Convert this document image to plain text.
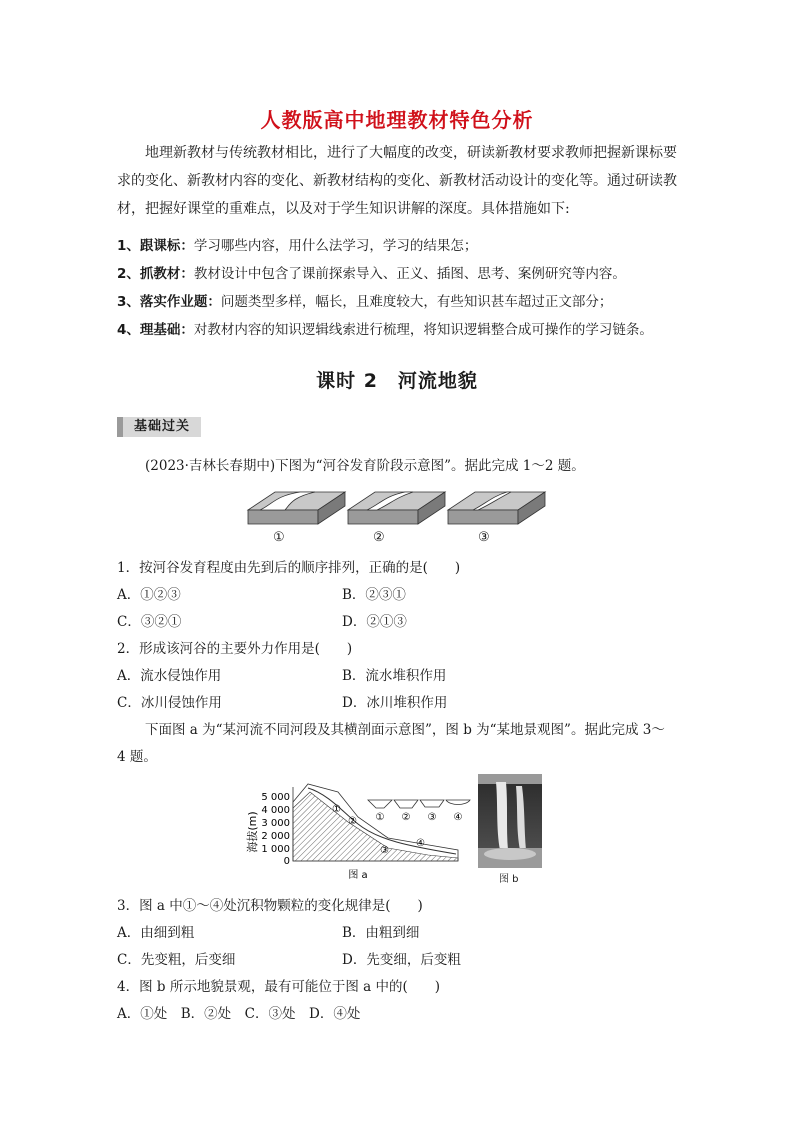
人教版高中地理教材特色分析
地理新教材与传统教材相比，进行了大幅度的改变，研读新教材要求教师把握新课标要求的变化、新教材内容的变化、新教材结构的变化、新教材活动设计的变化等。通过研读教材，把握好课堂的重难点，以及对于学生知识讲解的深度。具体措施如下:
1、跟课标：学习哪些内容，用什么法学习，学习的结果怎；
2、抓教材：教材设计中包含了课前探索导入、正义、插图、思考、案例研究等内容。
3、落实作业题：问题类型多样，幅长，且难度较大，有些知识甚车超过正文部分；
4、理基础：对教材内容的知识逻辑线索进行梳理，将知识逻辑整合成可操作的学习链条。
课时 2　河流地貌
基础过关
(2023·吉林长春期中)下图为“河谷发育阶段示意图”。据此完成 1～2 题。
①	②	③
1．按河谷发育程度由先到后的顺序排列，正确的是(　　)
A．①②③	B．②③①
C．③②①	D．②①③
2．形成该河谷的主要外力作用是(　　)
A．流水侵蚀作用	B．流水堆积作用
C．冰川侵蚀作用	D．冰川堆积作用
下面图 a 为“某河流不同河段及其横剖面示意图”，图 b 为“某地景观图”。据此完成 3～
4 题。
海拔(m)
5 000
4 000
3 000
2 000
1 000
0
①
②
③
④
① ② ③ ④
图 a	图 b
3．图 a 中①～④处沉积物颗粒的变化规律是(　　)
A．由细到粗	B．由粗到细
C．先变粗，后变细	D．先变细，后变粗
4．图 b 所示地貌景观，最有可能位于图 a 中的(　　)
A．①处　B．②处　C．③处　D．④处
